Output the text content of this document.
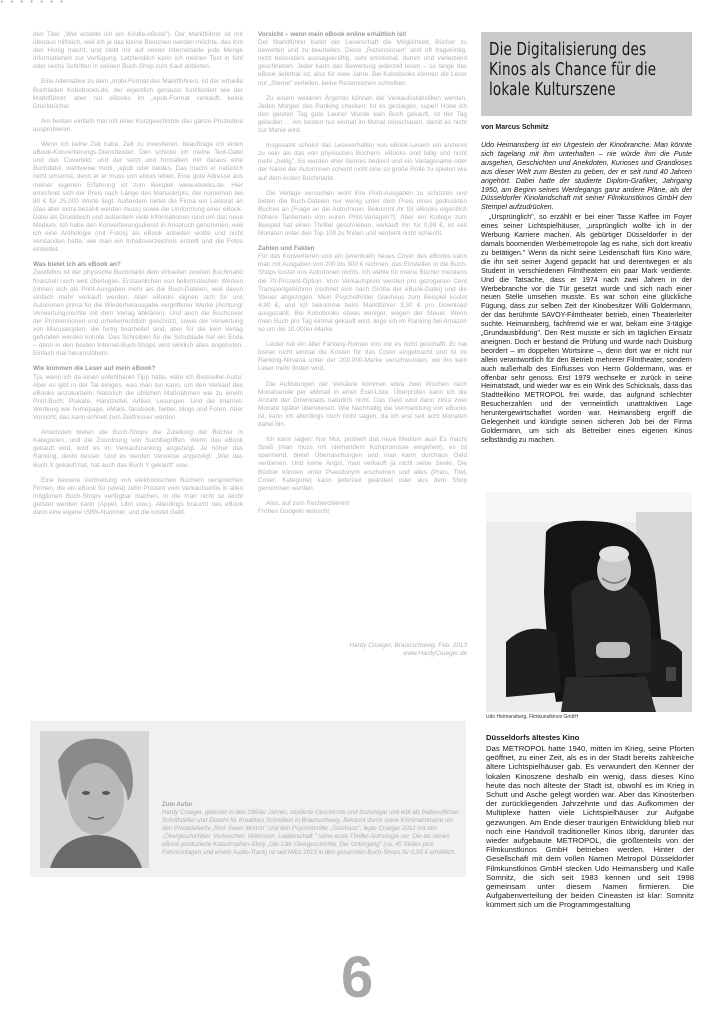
· · · · · · ·

den Titel: „Wie erstelle ich ein Kindle-eBook"). Der Marktführer ist mir überaus hilfreich, weil ich ja das kleine Bienchen werden möchte, das ihm den Honig macht, und stellt mir auf seiner Internetseite jede Menge Informationen zur Verfügung. Letztendlich kann ich meinen Text in fünf oder sechs Schritten in seinem Buch-Shop zum Kauf anbieten.

Eine Alternative zu dem „mobi-Format des Marktführers, ist der virtuelle Buchladen Kobobooks.de, der eigentlich genauso funktioniert wie der Marktführer, aber nur eBooks im „epub-Format verkauft, keine Druckbücher.

Am besten einfach mal mit einer Kurzgeschichte das ganze Prozedere ausprobieren.

Wenn ich keine Zeit habe, Zeit zu investieren, beauftrage ich einen eBook-Konvertierungs-Dienstleister. Den schicke ich meine Text-Datei und das Coverbild, und der setzt und formatiert mir daraus eine Buchdatei, wahlweise mobi, „epub oder beides. Das macht er natürlich nicht umsonst, denn er er muss von etwas leben. Eine gute Adresse aus meiner eigenen Erfahrung ist zum Beispiel www.ebokks.de. Hier errechnet sich der Preis nach Länge des Manuskripts, der nomeman bei 80 € für 25.000 Worte liegt. Außerdem bietet die Firma ein Lektorat an (das aber extra bezahlt werden muss) sowie die Umformung einer eBook-Datei als Druckbuch und außerdem viele Informationen rund um das neue Medium. Ich habe den Konvertierungsdienst in Anspruch genommen, weil ich eine Anthologie (mit Fotos) als eBook anbieten wollte und nicht verstanden hatte, wie man ein Inhaltsverzeichnis erstellt und die Fotos einbettet.

Was bietet ich als eBook an?

Zweifellos ist der physische Buchmarkt dem virtuellen zweiten Buchmarkt finanziell noch weit überlegen. Erstaunlichen von belletristischen Werken (ohnen sich als Print-Ausgaben mehr als die Buch-Dateien, weil davon einfach mehr verkauft werden. Aber eBooks eignen sich für uns Autorinnen prima für die Wiederherausgabe vergriffener Werke (Achtung! Verwertungsrechte mit dem Verlag abklären). Und auch die Buchcover der Printversionen und urheberrechtlich geschützt, sowie der Verwertung von Manuskripten, die fertig bearbeitet sind, aber für die kein Verlag gefunden werden konnte. Das Schreiben für die Schublade hat ein Ende – denn in den beiden Internet-Buch-Shops wird wirklich alles angeboten. Einfach mal herumstöbern.

Wie kommen die Leser auf mein eBook?

Tja, wenn ich da einen unfehlbaren Tipp hätte, wäre ich Bestseller-Autor. Aber es gibt in der Tat einiges, was man tun kann, um den Verkauf des eBooks anzukurbeln. Natürlich die üblichen Maßnahmen wie zu einem Print-Buch: Plakate, Handzettel, Artikel, Lesungen. Und die Internet-Werbung wie homepage, eMails, facebook, twitter, blogs und Foren. Aber Vorsicht, das kann schnell zum Zeitfresser werden.

Ansonsten bieten die Buch-Shops die Zuteilung der Bücher in Kategorien, und die Zuordnung von Suchbegriffen. Wenn das eBook gekauft wird, wird es im Verkaufsranking angezeigt. Je höher das Ranking, desto besser. Und es werden Verweise angezeigt: „Wer das Buch X gekauft hat, hat auch das Buch Y gekauft" usw.

Eine bessere Verbreitung von elektronischen Büchern versprechen Firmen, die ein eBook für (etwa) zehn Prozent vom Verkaufserlös in allen möglichen Buch-Shops verfügbar machen, in die man nicht so leicht gelistet werden kann (Appel, Libri usw.). Allerdings braucht das eBook dann eine eigene ISBN-Nummer, und die kostet Geld.

Vorsicht – wenn mein eBook online erhältlich ist!

Der Marktführer bietet der Leserschaft die Möglichkeit, Bücher zu bewerten und zu beurteilen. Diese „Rezensionen" sind oft fragwürdig, nicht besonders aussagekräftig, sehr emotional, dumm und verletzend geschrieben. Jeder kann das Bewertung jederzeit lesen – so lange das eBook lieferbar ist, also für viele Jahre. Bei Kobobooks können die Leser nur „Sterne" verteilen, keine Rezensionen schreiben.

Zu einem weiteren Ärgernis können die Verkaufsstatistiken werden. Jeden Morgen das Ranking checken: Ist es gestiegen, super! Hobe ich den ganzen Tag gute Laune! Wurde kein Buch gekauft, ist der Tag gelaufen ... Am besten nur einmal im Monat reinschauen, damit es nicht zur Manie wird.

Insgesamt scheint das Leseverhalten von eBook-Lesern ein anderes zu sein als das von physischen Büchern. eBooks sind billig und nicht mehr „heilig". Es werden eher Genres bedient und ein Verlagsname oder der Name der AutorInnen scheint nicht eine so große Rolle zu spielen wie auf dem ersten Buchmarkt.

Die Verlage versuchen wohl ihre Print-Ausgaben zu schützen und bieten die Buch-Dateien nur wenig unter dem Preis eines gedruckten Buches an (Frage an die AutorInnen: Bekommt ihr für eBooks eigentlich höhere Tantiemen von euren Print-Verlagen?). Aber ein Kollege zum Beispiel hat einen Thriller geschrieben, verkauft ihn für 0,99 €, ist seit Monaten unter den Top 100 zu finden und verdient nicht schlecht.

Zahlen und Fakten

Für das Konvertieren und ein (eventuell) neues Cover des eBooks kann man mit Ausgaben von 200 bis 300 € rechnen, das Einstellen in die Buch-Shops kostet uns AutorInnen nichts. Ich wähle für meine Bücher meistens die 70-Prozent-Option. Vom Verkaufspreis werden pro gezogenen Cent Transportgebühren (rechnet sich nach Größe der eBook-Datei) und die Steuer abgezogen. Mein Psychothriller Glashaus zum Beispiel kostet 4,90 €, und ich bekomme beim Marktführer 3,30 € pro Download ausgezahlt. Bei Kobobooks etwas weniger, wegen der Steuer. Wenn mein Buch pro Tag einmal gekauft wird, liege ich im Ranking bei Amazon so um die 10.000er-Marke.

Leider hat ein älter Fantasy-Roman von mir es nicht geschafft. Er hat bisher nicht einmal die Kosten für das Cover eingebracht und ist im Ranking-Nirvana unter der 200.000-Marke verschwunden, wo ihn kein Leser mehr finden wird.

Die Auflistungen der Verkäufe kommen etwa zwei Wochen nach Monatsende per eMmail in einer Exel-Liste. Überprüfen kann ich die Anzahl der Downloads natürlich nicht. Das Geld wird dann zirka zwei Monate später überwiesen. Wie Nachhaltig die Vermarktung von eBooks ist, kann ich allerdings noch nicht sagen, da ich erst seit acht Monaten dabei bin.

Ich kann sagen: Nur Mut, probiert das neue Medium aus! Es macht Spaß (man muss mit niemandem Kompromisse eingehen), es ist spannend, bietet Überraschungen und man kann durchaus Geld verdienen. Und keine Angst, man verkauft ja nicht seine Seele. Die Bücher können unter Pseudonym erscheinen und alles (Preis, Titel, Cover, Kategorie) kann jederzeit geändert oder aus dem Shop genommen werden.

Also, auf zum Recherchieren!
Frohes Googeln wünscht

Die Digitalisierung des Kinos als Chance für die lokale Kulturszene
von Marcus Schmitz
Udo Heimansberg ist ein Urgestein der Kinobranche. Man könnte sich tagelang mit ihm unterhalten – nie würde ihm die Puste ausgehen, Geschichten und Anekdoten, Kurioses und Grandioses aus dieser Welt zum Besten zu geben, der er seit rund 40 Jahren angehört. Dabei hatte der studierte Diplom-Grafiker, Jahrgang 1950, am Beginn seines Werdegangs ganz andere Pläne, als der Düsseldorfer Kinolandschaft mit seiner Filmkunstkinos GmbH den Stempel aufzudrücken.
„Ursprünglich", so erzählt er bei einer Tasse Kaffee im Foyer eines seiner Lichtspielhäuser, „ursprünglich wollte ich in der Werbung Karriere machen. Als gebürtiger Düsseldorfer in der damals boomenden Werbemetropole lag es nahe, sich dort kreativ zu betätigen." Wenn da nicht seine Leidenschaft fürs Kino wäre, die ihn seit seiner Jugend gepackt hat und derentwegen er als Student in verschiedenen Filmtheatern ein paar Mark verdiente. Und die Tatsache, dass er 1974 nach zwei Jahren in der Werbebranche vor die Tür gesetzt wurde und sich nach einer neuen Stelle umsehen musste. Es war schon eine glückliche Fügung, dass zur selben Zeit der Kinobesitzer Willi Goldermann, der das berühmte SAVOY-Filmtheater betrieb, einen Theaterleiter suchte. Heimansberg, fachfremd wie er war, bekam eine 3-tägige „Grundausbildung". Den Rest musste er sich im täglichen Einsatz aneignen. Doch er bestand die Prüfung und wurde nach Duisburg beordert – im doppelten Wortsinne –, denn dort war er nicht nur allein verantwortlich für den Betrieb mehrerer Filmtheater, sondern auch außerhalb des Einflusses von Herrn Goldermann, was er offenbar sehr genoss. Erst 1979 wechselte er zurück in seine Heimatstadt, und wieder war es ein Wink des Schicksals, dass das Stadtteilkino METROPOL frei wurde, das aufgrund schlechter Besucherzahlen und der vermeintlich unattraktiven Lage heruntergewirtschaftet worden war. Heimansberg ergriff die Gelegenheit und kündigte seinen sicheren Job bei der Firma Goldermann, um sich als Betreiber eines eigenen Kinos selbständig zu machen.
Udo Heimansberg, Filmkunstkinos GmbH
Düsseldorfs ältestes Kino
Das METROPOL hatte 1940, mitten im Krieg, seine Pforten geöffnet, zu einer Zeit, als es in der Stadt bereits zahlreiche ältere Lichtspielhäuser gab. Es verwundert den Kenner der lokalen Kinoszene deshalb ein wenig, dass dieses Kino heute das noch älteste der Stadt ist, obwohl es im Krieg in Schutt und Asche gelegt worden war. Aber das Kinosterben der zurückliegenden Jahrzehnte und das Aufkommen der Multiplexe hatten viele Lichtspielhäuser zur Aufgabe gezwungen. Am Ende dieser traurigen Entwicklung blieb nur noch eine Handvoll traditioneller Kinos übrig, darunter das wieder aufgebaute METROPOL, die größtenteils von der Filmkunstkinos GmbH betrieben werden. Hinter der Gesellschaft mit dem vollen Namen Metropol Düsseldorfer Filmkunstkinos GmbH stecken Udo Heimansberg und Kalle Somnitz, die sich seit 1983 kennen und seit 1998 gemeinsam unter diesem Namen firmieren. Die Aufgabenverteilung der beiden Cineasten ist klar: Somnitz kümmert sich um die Programmgestaltung
Zum Autor
Hardy Crueger, geboren in den 1960er Jahren, studierte Geschichte und Soziologie und lebt als freiberuflicher Schriftsteller und Dozent für Kreatives Schreiben in Braunschweig. Bekannt durch seine Kriminalromane um den Privatdetektiv „Rick Xaver Morton" und den Psychothriller „Glashaus", legte Crueger 2012 mit den „Ökergeschichten: Verbrechen. Wahnsinn. Leidenschaft." seine erste Thriller-Anthologie vor. Die als reines eBook produzierte Katastrophen-Story „Die 13te Okergeschichte: Der Untergang" (ca. 45 Seiten plus Fotomontagen und einem Audio-Track) ist seit März 2013 in den genannten Buch-Shops für 0,99 € erhältlich.
Hardy Crueger, Braunschweig, Feb. 2013
www.HardyCrueger.de
6
